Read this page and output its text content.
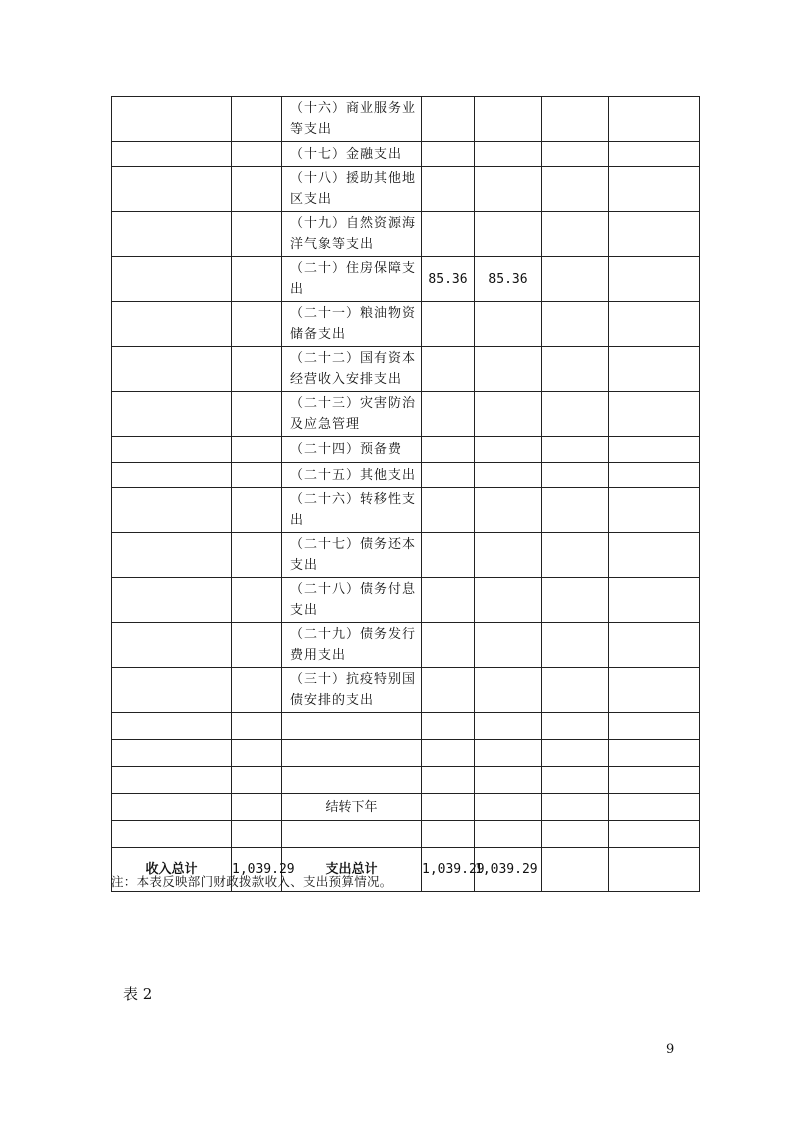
		（十六）商业服务业等支出				
		（十七）金融支出				
		（十八）援助其他地区支出				
		（十九）自然资源海洋气象等支出				
		（二十）住房保障支出	85.36	85.36		
		（二十一）粮油物资储备支出				
		（二十二）国有资本经营收入安排支出				
		（二十三）灾害防治及应急管理				
		（二十四）预备费				
		（二十五）其他支出				
		（二十六）转移性支出				
		（二十七）债务还本支出				
		（二十八）债务付息支出				
		（二十九）债务发行费用支出				
		（三十）抗疫特别国债安排的支出				

		结转下年				

收入总计	1,039.29	支出总计	1,039.29	1,039.29		
注：本表反映部门财政拨款收入、支出预算情况。
表 2
9
